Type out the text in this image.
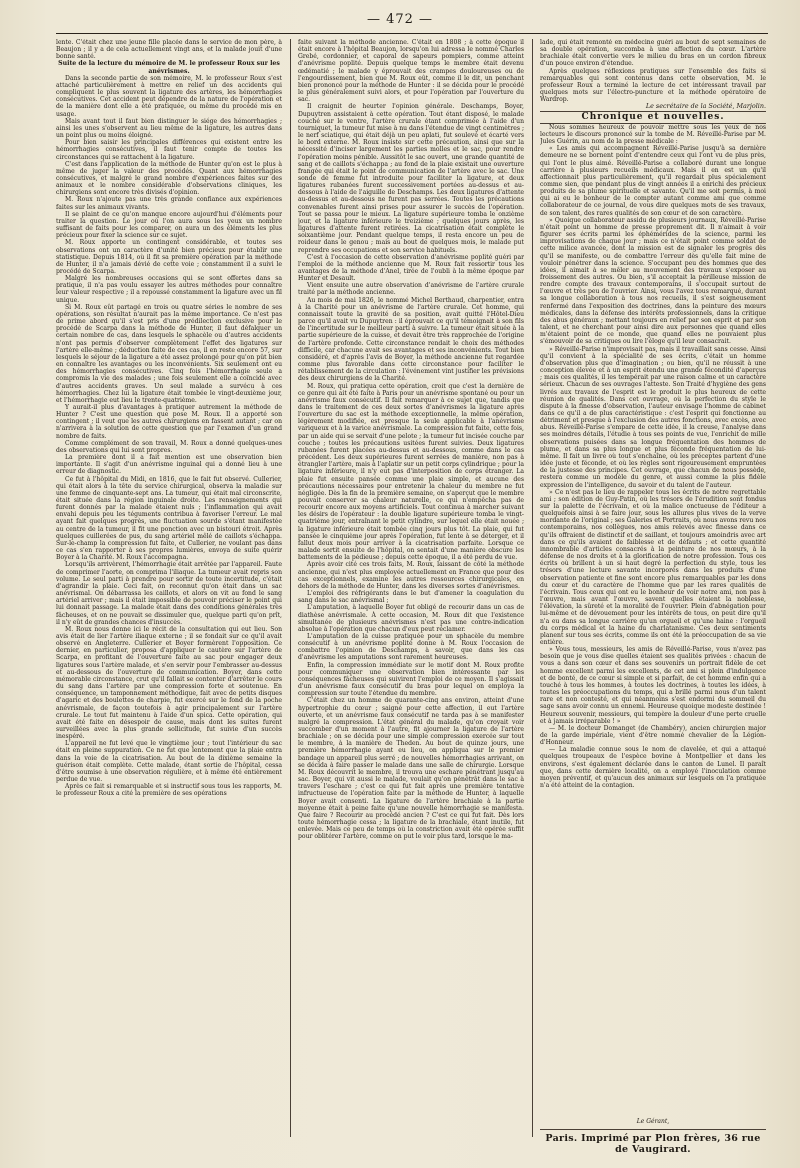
— 472 —

lente. C'était chez une jeune fille placée dans le service de mon père, à Beaujon ; il y a de cela actuellement vingt ans, et la malade jouit d'une bonne santé.

Suite de la lecture du mémoire de M. le professeur Roux sur les anévrismes.

Dans la seconde partie de son mémoire, M. le professeur Roux s'est attaché particulièrement à mettre en relief un des accidents qui compliquent le plus souvent la ligature des artères, les hémorrhagies consécutives. Cet accident peut dépendre de la nature de l'opération et de la manière dont elle a été pratiquée, ou même du procédé mis en usage.

Mais avant tout il faut bien distinguer le siége des hémorrhagies ; ainsi les unes s'observent au lieu même de la ligature, les autres dans un point plus ou moins éloigné.

Pour bien saisir les principales différences qui existent entre les hémorrhagies consécutives, il faut tenir compte de toutes les circonstances qui se rattachent à la ligature.

C'est dans l'application de la méthode de Hunter qu'on est le plus à même de juger la valeur des procédés. Quant aux hémorrhagies consécutives, et malgré le grand nombre d'expériences faites sur des animaux et le nombre considérable d'observations cliniques, les chirurgiens sont encore très divisés d'opinion.

M. Roux n'ajoute pas une très grande confiance aux expériences faites sur les animaux vivants.

Il se plaint de ce qu'on manque encore aujourd'hui d'éléments pour traiter la question. Le jour où l'on aura sous les yeux un nombre suffisant de faits pour les comparer, on aura un des éléments les plus précieux pour fixer la science sur ce sujet.

M. Roux apporte un contingent considérable, et toutes ses observations ont un caractère d'unité bien précieux pour établir une statistique. Depuis 1814, où il fit sa première opération par la méthode de Hunter, il n'a jamais dévié de cette voie ; constamment il a suivi le procédé de Scarpa.

Malgré les nombreuses occasions qui se sont offertes dans sa pratique, il n'a pas voulu essayer les autres méthodes pour connaître leur valeur respective ; il a repoussé constamment la ligature avec un fil unique.

Si M. Roux eût partagé en trois ou quatre séries le nombre de ses opérations, son résultat n'aurait pas la même importance. Ce n'est pas de prime abord qu'il s'est pris d'une prédilection exclusive pour le procédé de Scarpa dans la méthode de Hunter, il faut défalquer un certain nombre de cas, dans lesquels le sphacèle ou d'autres accidents n'ont pas permis d'observer complètement l'effet des ligatures sur l'artère elle-même ; déduction faite de ces cas, il en reste encore 57, sur lesquels le séjour de la ligature a été assez prolongé pour qu'on pût bien en connaître les avantages ou les inconvénients. Six seulement ont eu des hémorrhagies consécutives. Cinq fois l'hémorrhagie seule a compromis la vie des malades ; une fois seulement elle a coïncidé avec d'autres accidents graves. Un seul malade a survécu à ces hémorrhagies. Chez lui la ligature était tombée le vingt-deuxième jour, et l'hémorrhagie eut lieu le trente-quatrième.

Y aurait-il plus d'avantages à pratiquer autrement la méthode de Hunter ? C'est une question que pose M. Roux. Il a apporté son contingent ; il veut que les autres chirurgiens en fassent autant ; car on n'arrivera à la solution de cette question que par l'examen d'un grand nombre de faits.

Comme complément de son travail, M. Roux a donné quelques-unes des observations qui lui sont propres.

La première dont il a fait mention est une observation bien importante. Il s'agit d'un anévrisme inguinal qui a donné lieu à une erreur de diagnostic.

Ce fut à l'hôpital du Midi, en 1816, que le fait fut observé. Cullerier, qui était alors à la tête du service chirurgical, observa la maladie sur une femme de cinquante-sept ans. La tumeur, qui était mal circonscrite, était située dans la région inguinale droite. Les renseignements qui furent donnés par la malade étaient nuls ; l'inflammation qui avait envahi depuis peu les téguments contribua à favoriser l'erreur. Le mal ayant fait quelques progrès, une fluctuation sourde s'étant manifestée au centre de la tumeur, il fit une ponction avec un bistouri étroit. Après quelques cuillerées de pus, du sang artériel mêlé de caillots s'échappa. Sur-le-champ la compression fut faite, et Cullerier, ne voulant pas dans ce cas s'en rapporter à ses propres lumières, envoya de suite quérir Boyer à la Charité. M. Roux l'accompagna.

Lorsqu'ils arrivèrent, l'hémorrhagie était arrêtée par l'appareil. Faute de comprimer l'aorte, on comprima l'iliaque. La tumeur avait repris son volume. Le seul parti à prendre pour sortir de toute incertitude, c'était d'agrandir la plaie. Ceci fait, on reconnut qu'on était dans un sac anévrismal. On débarrassa les caillots, et alors on vit au fond le sang artériel arriver ; mais il était impossible de pouvoir préciser le point qui lui donnait passage. La malade était dans des conditions générales très fâcheuses, et on ne pouvait se dissimuler que, quelque parti qu'on prît, il n'y eût de grandes chances d'insuccès.

M. Roux nous donne ici le récit de la consultation qui eut lieu. Son avis était de lier l'artère iliaque externe ; il se fondait sur ce qu'il avait observé en Angleterre. Cullerier et Boyer formèrent l'opposition. Ce dernier, en particulier, proposa d'appliquer le cautère sur l'artère de Scarpa, en profitant de l'ouverture faite au sac pour engager deux ligatures sous l'artère malade, et s'en servir pour l'embrasser au-dessus et au-dessous de l'ouverture de communication. Boyer, dans cette mémorable circonstance, crut qu'il fallait se contenter d'arrêter le cours du sang dans l'artère par une compression forte et soutenue. En conséquence, un tamponnement méthodique, fait avec de petits disques d'agaric et des boulettes de charpie, fut exercé sur le fond de la poche anévrismale, de façon toutefois à agir principalement sur l'artère crurale. Le tout fut maintenu à l'aide d'un spica. Cette opération, qui avait été faite en désespoir de cause, mais dont les suites furent surveillées avec la plus grande sollicitude, fut suivie d'un succès inespéré.

L'appareil ne fut levé que le vingtième jour ; tout l'intérieur du sac était en pleine suppuration. Ce ne fut que lentement que la plaie entra dans la voie de la cicatrisation. Au bout de la dixième semaine la guérison était complète. Cette malade, étant sortie de l'hôpital, cessa d'être soumise à une observation régulière, et à même été entièrement perdue de vue.

Après ce fait si remarquable et si instructif sous tous les rapports, M. le professeur Roux a cité la première de ses opérations

faite suivant la méthode ancienne. C'était en 1808 ; à cette époque il était encore à l'hôpital Beaujon, lorsqu'on lui adressa le nommé Charles Grebé, cordonnier, et caporal de sapeurs pompiers, comme atteint d'anévrisme poplité. Depuis quelque temps le membre était devenu œdématié ; le malade y éprouvait des crampes douloureuses ou de l'engourdissement, bien que M. Roux eût, comme il le dit, un penchant bien prononcé pour la méthode de Hunter : il se décida pour le procédé le plus généralement suivi alors, et pour l'opération par l'ouverture du sac.

Il craignit de heurter l'opinion générale. Deschamps, Boyer, Dupuytren assistaient à cette opération. Tout étant disposé, le malade couché sur le ventre, l'artère crurale étant comprimée à l'aide d'un tourniquet, la tumeur fut mise à nu dans l'étendue de vingt centimètres ; le nerf sciatique, qui était déjà un peu aplati, fut soulevé et écarté vers le bord externe. M. Roux insiste sur cette précaution, ainsi que sur la nécessité d'inciser largement les parties molles et le sac, pour rendre l'opération moins pénible. Aussitôt le sac ouvert, une grande quantité de sang et de caillots s'échappa ; au fond de la plaie existait une ouverture frangée qui était le point de communication de l'artère avec le sac. Une sonde de femme fut introduite pour faciliter la ligature, et deux ligatures rubanées furent successivement portées au-dessus et au-dessous à l'aide de l'aiguille de Deschamps. Les deux ligatures d'attente au-dessus et au-dessous ne furent pas serrées. Toutes les précautions convenables furent ainsi prises pour assurer le succès de l'opération. Tout se passa pour le mieux. La ligature supérieure tomba le onzième jour, et la ligature inférieure le treizième ; quelques jours après, les ligatures d'attente furent retirées. La cicatrisation était complète le soixantième jour. Pendant quelque temps, il resta encore un peu de roideur dans le genou ; mais au bout de quelques mois, le malade put reprendre ses occupations et son service habituels.

C'est à l'occasion de cette observation d'anévrisme poplité guéri par l'emploi de la méthode ancienne que M. Roux fait ressortir tous les avantages de la méthode d'Anel, tirée de l'oubli à la même époque par Hunter et Desault.

Vient ensuite une autre observation d'anévrisme de l'artère crurale traité par la méthode ancienne.

Au mois de mai 1826, le nommé Michel Berthaud, charpentier, entra à la Charité pour un anévrisme de l'artère crurale. Cet homme, qui connaissait toute la gravité de sa position, avait quitté l'Hôtel-Dieu parce qu'il avait vu Dupuytren : il éprouvait ce qu'il témoignait à son fils de l'incertitude sur le meilleur parti à suivre. La tumeur était située à la partie supérieure de la cuisse, et devait être très rapprochée de l'origine de l'artère profonde. Cette circonstance rendait le choix des méthodes difficile, car chacune avait ses avantages et ses inconvénients. Tout bien considéré, et d'après l'avis de Boyer, la méthode ancienne fut regardée comme plus favorable dans cette circonstance pour faciliter le rétablissement de la circulation : l'événement vint justifier les prévisions des deux chirurgiens de la Charité.

M. Roux, qui pratiqua cette opération, croit que c'est la dernière de ce genre qui ait été faite à Paris pour un anévrisme spontané ou pour un anévrisme faux consécutif. Il fait remarquer à ce sujet que, tandis que dans le traitement de ces deux sortes d'anévrismes la ligature après l'ouverture du sac est la méthode exceptionnelle, la même opération, légèrement modifiée, est presque la seule applicable à l'anévrisme variqueux et à la varice anévrismale. La compression fut faite, cette fois, par un aide qui se servait d'une pelote ; la tumeur fut incisée couche par couche ; toutes les précautions usitées furent suivies. Deux ligatures rubanées furent placées au-dessus et au-dessous, comme dans le cas précédent. Les deux supérieures furent serrées de manière, non pas à étrangler l'artère, mais à l'aplatir sur un petit corps cylindrique ; pour la ligature inférieure, il n'y eut pas d'interposition de corps étranger. La plaie fut ensuite pansée comme une plaie simple, et aucune des précautions nécessaires pour entretenir la chaleur du membre ne fut négligée. Dès la fin de la première semaine, on s'aperçut que le membre pouvait conserver sa chaleur naturelle, ce qui n'empêcha pas de recourir encore aux moyens artificiels. Tout continua à marcher suivant les désirs de l'opérateur : la double ligature supérieure tomba le vingt-quatrième jour, entraînant le petit cylindre, sur lequel elle était nouée ; la ligature inférieure était tombée cinq jours plus tôt. La plaie, qui fut pansée le cinquième jour après l'opération, fut lente à se déterger, et il fallut deux mois pour arriver à la cicatrisation parfaite. Lorsque ce malade sortit ensuite de l'hôpital, on sentait d'une manière obscure les battements de la pédieuse ; depuis cette époque, il a été perdu de vue.

Après avoir cité ces trois faits, M. Roux, laissant de côté la méthode ancienne, qui n'est plus employée actuellement en France que pour des cas exceptionnels, examine les autres ressources chirurgicales, en dehors de la méthode de Hunter, dans les diverses sortes d'anévrismes.

L'emploi des réfrigérants dans le but d'amener la coagulation du sang dans le sac anévrismal ;

L'amputation, à laquelle Boyer fut obligé de recourir dans un cas de diathèse anévrismale. À cette occasion, M. Roux dit que l'existence simultanée de plusieurs anévrismes n'est pas une contre-indication absolue à l'opération que chacun d'eux peut réclamer.

L'amputation de la cuisse pratiquée pour un sphacèle du membre consécutif à un anévrisme poplité donne à M. Roux l'occasion de combattre l'opinion de Deschamps, à savoir, que dans les cas d'anévrisme les amputations sont rarement heureuses.

Enfin, la compression immédiate sur le motif dont M. Roux profite pour communiquer une observation bien intéressante par les conséquences fâcheuses qui suivirent l'emploi de ce moyen. Il s'agissait d'un anévrisme faux consécutif du bras pour lequel on employa la compression sur toute l'étendue du membre.

C'était chez un homme de quarante-cinq ans environ, atteint d'une hypertrophie du cœur ; saigné pour cette affection, il eut l'artère ouverte, et un anévrisme faux consécutif ne tarda pas à se manifester malgré la compression. L'état général du malade, qu'on croyait voir succomber d'un moment à l'autre, fit ajourner la ligature de l'artère brachiale ; on se décida pour une simple compression exercée sur tout le membre, à la manière de Theden. Au bout de quinze jours, une première hémorrhagie ayant eu lieu, on appliqua sur le premier bandage un appareil plus serré ; de nouvelles hémorrhagies arrivant, on se décida à faire passer le malade dans une salle de chirurgie. Lorsque M. Roux découvrit le membre, il trouva une eschare pénétrant jusqu'au sac. Boyer, qui vit aussi le malade, voulait qu'on pénétrât dans le sac à travers l'eschare ; c'est ce qui fut fait après une première tentative infructueuse de l'opération faite par la méthode de Hunter, à laquelle Boyer avait consenti. La ligature de l'artère brachiale à la partie moyenne était à peine faite qu'une nouvelle hémorrhagie se manifesta. Que faire ? Recourir au procédé ancien ? C'est ce qui fut fait. Dès lors toute hémorrhagie cessa ; la ligature de la brachiale, étant inutile, fut enlevée. Mais ce peu de temps où la constriction avait été opérée suffit pour oblitérer l'artère, comme on put le voir plus tard, lorsque le ma-

lade, qui était remonté en médecine guéri au bout de sept semaines de sa double opération, succomba à une affection du cœur. L'artère brachiale était convertie vers le milieu du bras en un cordon fibreux d'un pouce environ d'étendue.

Après quelques réflexions pratiques sur l'ensemble des faits si remarquables qui sont contenus dans cette observation, M. le professeur Roux a terminé la lecture de cet intéressant travail par quelques mots sur l'électro-puncture et la méthode opératoire de Wardrop.

Le secrétaire de la Société, Marjolin.

Chronique et nouvelles.

Nous sommes heureux de pouvoir mettre sous les yeux de nos lecteurs le discours prononcé sur la tombe de M. Réveillé-Parise par M. Jules Guérin, au nom de la presse médicale :

« Les amis qui accompagnent Réveillé-Parise jusqu'à sa dernière demeure ne se bornent point d'entendre ceux qui l'ont vu de plus près, qui l'ont le plus aimé. Réveillé-Parise a collaboré durant une longue carrière à plusieurs recueils médicaux. Mais il en est un qu'il affectionnait plus particulièrement, qu'il regardait plus spécialement comme sien, que pendant plus de vingt années il a enrichi des précieux produits de sa plume spirituelle et savante. Qu'il me soit permis, à moi qui ai eu le bonheur de le compter autant comme ami que comme collaborateur de ce journal, de vous dire quelques mots de ses travaux, de son talent, des rares qualités de son cœur et de son caractère.

» Quoique collaborateur assidu de plusieurs journaux, Réveillé-Parise n'était point un homme de presse proprement dit. Il n'aimait à voir figurer ses écrits parmi les éphémérides de la science, parmi les improvisations de chaque jour ; mais ce n'était point comme soldat de cette milice avancée, dont la mission est de signaler les progrès dès qu'il se manifeste, ou de combattre l'erreur dès qu'elle fait mine de vouloir pénétrer dans la science. S'occupant peu des hommes que des idées, il aimait à se mêler au mouvement des travaux s'exposer au froissement des autres. Ou bien, s'il acceptait la périlleuse mission de rendre compte des travaux contemporains, il s'occupait surtout de l'œuvre et très peu de l'ouvrier. Ainsi, vous l'avez tous remarqué, durant sa longue collaboration à tous nos recueils, il s'est soigneusement renfermé dans l'exposition des doctrines, dans la peinture des mœurs médicales, dans la défense des intérêts professionnels, dans la critique des abus généraux ; mettant toujours en relief par son esprit et par son talent, et ne cherchant pour ainsi dire aux personnes que quand elles m'étaient point de ce monde, que quand elles ne pouvaient plus s'émouvoir de sa critiques ou lire l'éloge qu'il leur consacrait.

» Réveillé-Parise n'improvisait pas, mais il travaillait sans cesse. Ainsi qu'il convient à la spécialité de ses écrits, c'était un homme d'observation plus que d'imagination ; ou bien, qu'il ne réussit à une conception élevée et à un esprit étendu une grande fécondité d'aperçus ; mais ces qualités, il les tempérait par une raison calme et un caractère sérieux. Chacun de ses ouvrages l'atteste. Son Traité d'hygiène des gens livrés aux travaux de l'esprit est le produit le plus heureux de cette réunion de qualités. Dans cet ouvrage, où la perfection du style le dispute à la finesse d'observation, l'auteur envisage l'homme de cabinet dans ce qu'il a de plus caractéristique : c'est l'esprit qui fonctionne au détriment et presque à l'exclusion des autres fonctions, avec excès, avec abus. Réveillé-Parise s'empare de cette idée, il la creuse, l'analyse dans ses moindres détails, l'étudie à tous ses points de vue, l'enrichit de mille observations puisées dans sa longue fréquentation des hommes de plume, et dans sa plus longue et plus féconde fréquentation de lui-même. Il fait un livre où tout s'enchaîne, où les préceptes partent d'une idée juste et féconde, et où les règles sont rigoureusement empruntées de la justesse des principes. Cet ouvrage, que chacun de nous possède, restera comme un modèle du genre, et aussi comme la plus fidèle expression de l'intelligence, du savoir et du talent de l'auteur.

» Ce n'est pas le lieu de rappeler tous les écrits de notre regrettable ami ; son édition de Guy-Patin, où les trésors de l'érudition sont fondus sur la palette de l'écrivain, et où la malice onctueuse de l'éditeur a quelquefois ainsi à se faire jour, sous les allures plus vives de la verve mordante de l'original ; ses Galeries et Portraits, où nous avons revu nos contemporains, nos collègues, nos amis relevés avec finesse dans ce qu'ils offraient de distinctif et de saillant, et toujours amoindris avec art dans ce qu'ils avaient de faiblesse et de défauts ; et cette quantité innombrable d'articles consacrés à la peinture de nos mœurs, à la défense de nos droits et à la glorification de notre profession. Tous ces écrits où brillent à un si haut degré la perfection du style, tous les trésors d'une lecture savante incorporés dans les produits d'une observation patiente et fine sont encore plus remarquables par les dons du cœur et du caractère de l'homme que par les rares qualités de l'écrivain. Tous ceux qui ont eu le bonheur de voir notre ami, non pas à l'œuvre, mais avant l'œuvre, savent quelles étaient la noblesse, l'élévation, la sûreté et la moralité de l'ouvrier. Plein d'abnégation pour lui-même et de dévouement pour les intérêts de tous, on peut dire qu'il n'a eu dans sa longue carrière qu'un orgueil et qu'une haine : l'orgueil du corps médical et la haine du charlatanisme. Ces deux sentiments planent sur tous ses écrits, comme ils ont été la préoccupation de sa vie entière.

» Vous tous, messieurs, les amis de Réveillé-Parise, vous n'avez pas besoin que je vous dise quelles étaient ses qualités privées : chacun de vous a dans son cœur et dans ses souvenirs un portrait fidèle de cet homme excellent parmi les excellents, de cet ami si plein d'indulgence et de bonté, de ce cœur si simple et si parfait, de cet homme enfin qui a touché à tous les hommes, à toutes les doctrines, à toutes les idées, à toutes les préoccupations du temps, qui a brillé parmi nous d'un talent rare et non contesté, et qui néanmoins s'est endormi du sommeil du sage sans avoir connu un ennemi. Heureuse quoique modeste destinée ! Heureux souvenir, messieurs, qui tempère la douleur d'une perte cruelle et à jamais irréparable ! »

— M. le docteur Domanget (de Chambéry), ancien chirurgien major de la garde impériale, vient d'être nommé chevalier de la Légion-d'Honneur.

— La maladie connue sous le nom de clavelée, et qui a attaqué quelques troupeaux de l'espèce bovine à Montpellier et dans les environs, s'est également déclarée dans le canton de Lunel. Il paraît que, dans cette dernière localité, on a employé l'inoculation comme moyen préventif, et qu'aucun des animaux sur lesquels on l'a pratiquée n'a été atteint de la contagion.

Le Gérant,
Paris. Imprimé par Plon frères, 36 rue de Vaugirard.
